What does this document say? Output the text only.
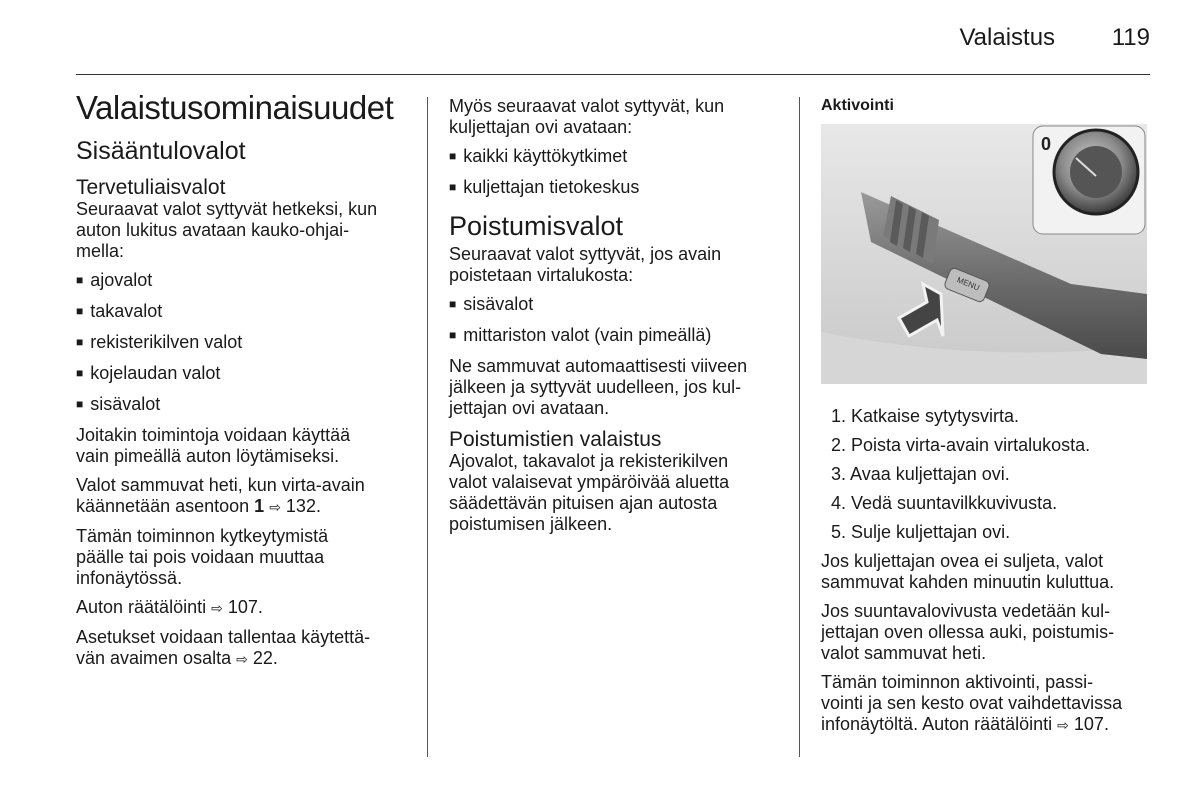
Valaistus 119
Valaistusominaisuudet
Sisääntulovalot
Tervetuliaisvalot

Seuraavat valot syttyvät hetkeksi, kun
auton lukitus avataan kauko-ohjai-
mella:

■ ajovalot
■ takavalot
■ rekisterikilven valot
■ kojelaudan valot
■ sisävalot

Joitakin toimintoja voidaan käyttää
vain pimeällä auton löytämiseksi.

Valot sammuvat heti, kun virta-avain
käännetään asentoon 1 ⇨ 132.

Tämän toiminnon kytkeytymistä
päälle tai pois voidaan muuttaa
infonäytössä.

Auton räätälöinti ⇨ 107.

Asetukset voidaan tallentaa käytettä-
vän avaimen osalta ⇨ 22.

Myös seuraavat valot syttyvät, kun
kuljettajan ovi avataan:

■ kaikki käyttökytkimet
■ kuljettajan tietokeskus
Poistumisvalot

Seuraavat valot syttyvät, jos avain
poistetaan virtalukosta:

■ sisävalot
■ mittariston valot (vain pimeällä)

Ne sammuvat automaattisesti viiveen
jälkeen ja syttyvät uudelleen, jos kul-
jettajan ovi avataan.

Poistumistien valaistus

Ajovalot, takavalot ja rekisterikilven
valot valaisevat ympäröivää aluetta
säädettävän pituisen ajan autosta
poistumisen jälkeen.

Aktivointi
MENU
0
1. Katkaise sytytysvirta.
2. Poista virta-avain virtalukosta.
3. Avaa kuljettajan ovi.
4. Vedä suuntavilkkuvivusta.
5. Sulje kuljettajan ovi.

Jos kuljettajan ovea ei suljeta, valot
sammuvat kahden minuutin kuluttua.

Jos suuntavalovivusta vedetään kul-
jettajan oven ollessa auki, poistumis-
valot sammuvat heti.

Tämän toiminnon aktivointi, passi-
vointi ja sen kesto ovat vaihdettavissa
infonäytöltä. Auton räätälöinti ⇨ 107.
